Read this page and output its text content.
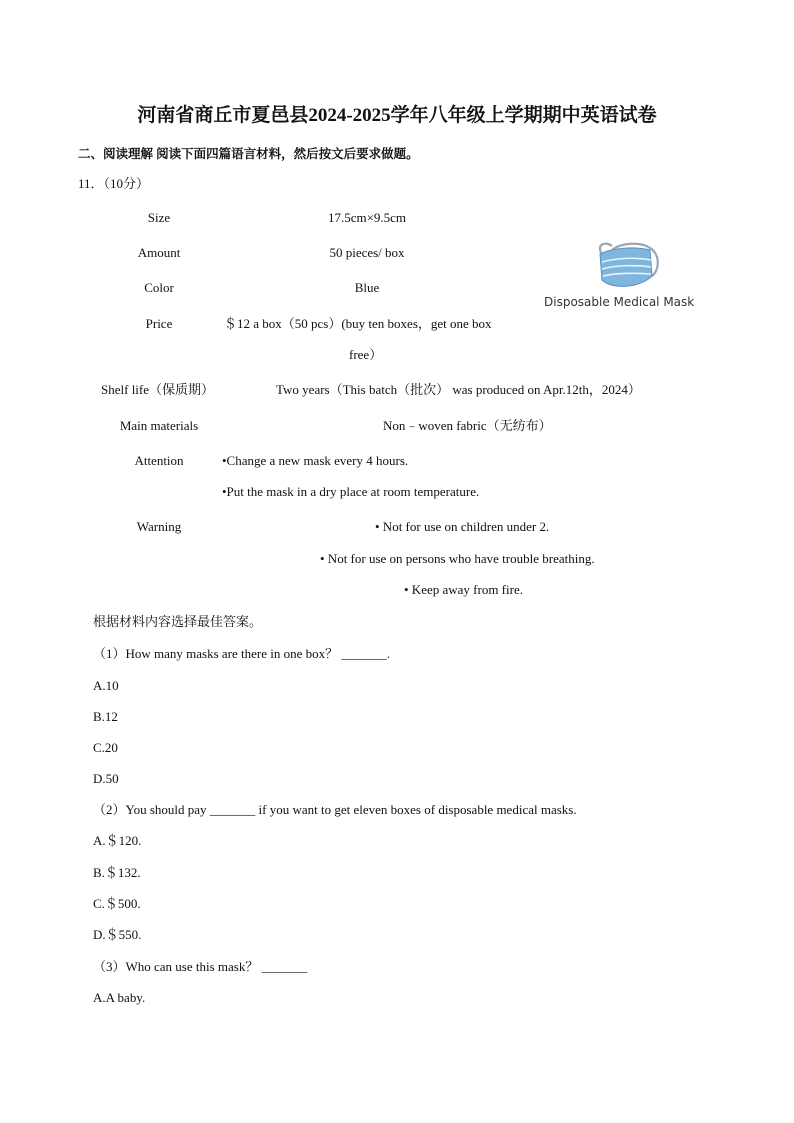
河南省商丘市夏邑县2024-2025学年八年级上学期期中英语试卷
二、阅读理解 阅读下面四篇语言材料，然后按文后要求做题。
11．（10分）
Size	17.5cm×9.5cm
Amount	50 pieces/ box
Color	Blue
Price	＄12 a box（50 pcs）(buy ten boxes，get one box
free）
Shelf life（保质期）	Two years（This batch（批次） was produced on Apr.12th，2024）
Main materials	Non﹣woven fabric（无纺布）
Attention	•Change a new mask every 4 hours.
•Put the mask in a dry place at room temperature.
Warning	• Not for use on children under 2.
• Not for use on persons who have trouble breathing.
• Keep away from fire.
Disposable Medical Mask
根据材料内容选择最佳答案。
（1）How many masks are there in one box？ _______.
A.10
B.12
C.20
D.50
（2）You should pay _______ if you want to get eleven boxes of disposable medical masks.
A.＄120.
B.＄132.
C.＄500.
D.＄550.
（3）Who can use this mask？ _______
A.A baby.
